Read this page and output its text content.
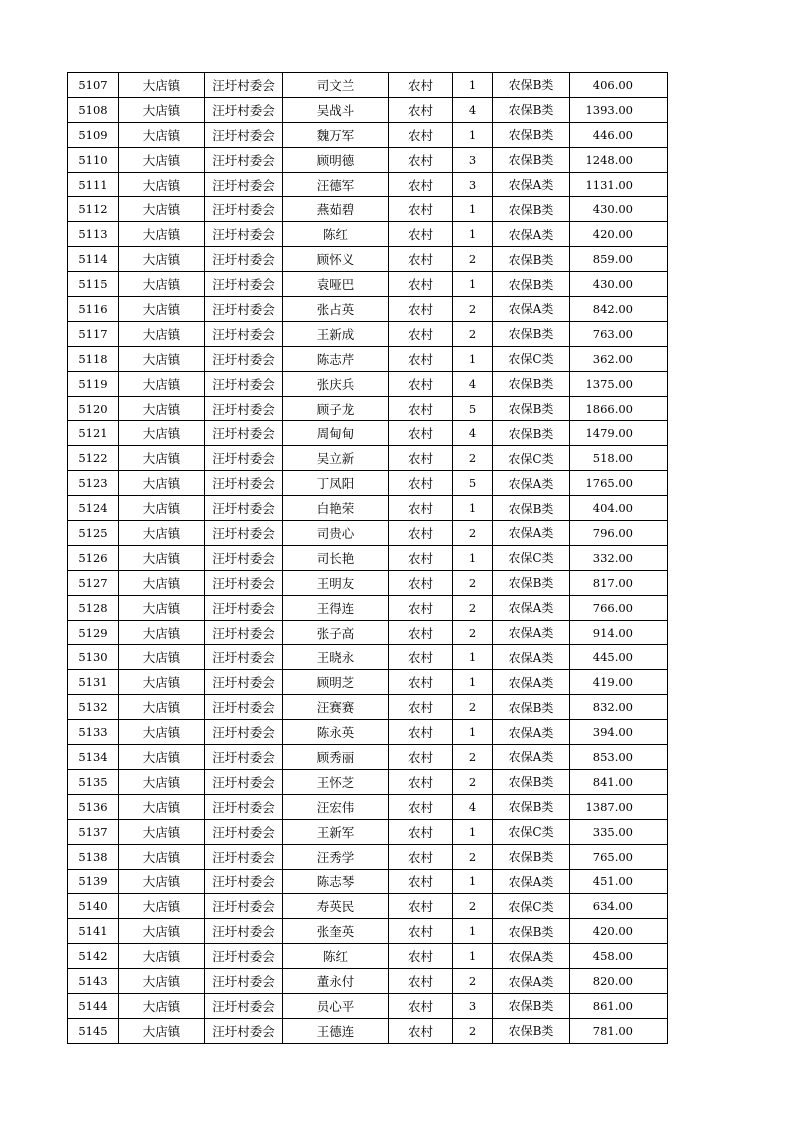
5107	大店镇	汪圩村委会	司文兰	农村	1	农保B类	406.00
5108	大店镇	汪圩村委会	吴战斗	农村	4	农保B类	1393.00
5109	大店镇	汪圩村委会	魏万军	农村	1	农保B类	446.00
5110	大店镇	汪圩村委会	顾明德	农村	3	农保B类	1248.00
5111	大店镇	汪圩村委会	汪德军	农村	3	农保A类	1131.00
5112	大店镇	汪圩村委会	燕茹碧	农村	1	农保B类	430.00
5113	大店镇	汪圩村委会	陈红	农村	1	农保A类	420.00
5114	大店镇	汪圩村委会	顾怀义	农村	2	农保B类	859.00
5115	大店镇	汪圩村委会	袁哑巴	农村	1	农保B类	430.00
5116	大店镇	汪圩村委会	张占英	农村	2	农保A类	842.00
5117	大店镇	汪圩村委会	王新成	农村	2	农保B类	763.00
5118	大店镇	汪圩村委会	陈志芹	农村	1	农保C类	362.00
5119	大店镇	汪圩村委会	张庆兵	农村	4	农保B类	1375.00
5120	大店镇	汪圩村委会	顾子龙	农村	5	农保B类	1866.00
5121	大店镇	汪圩村委会	周甸甸	农村	4	农保B类	1479.00
5122	大店镇	汪圩村委会	吴立新	农村	2	农保C类	518.00
5123	大店镇	汪圩村委会	丁凤阳	农村	5	农保A类	1765.00
5124	大店镇	汪圩村委会	白艳荣	农村	1	农保B类	404.00
5125	大店镇	汪圩村委会	司贵心	农村	2	农保A类	796.00
5126	大店镇	汪圩村委会	司长艳	农村	1	农保C类	332.00
5127	大店镇	汪圩村委会	王明友	农村	2	农保B类	817.00
5128	大店镇	汪圩村委会	王得连	农村	2	农保A类	766.00
5129	大店镇	汪圩村委会	张子高	农村	2	农保A类	914.00
5130	大店镇	汪圩村委会	王晓永	农村	1	农保A类	445.00
5131	大店镇	汪圩村委会	顾明芝	农村	1	农保A类	419.00
5132	大店镇	汪圩村委会	汪赛赛	农村	2	农保B类	832.00
5133	大店镇	汪圩村委会	陈永英	农村	1	农保A类	394.00
5134	大店镇	汪圩村委会	顾秀丽	农村	2	农保A类	853.00
5135	大店镇	汪圩村委会	王怀芝	农村	2	农保B类	841.00
5136	大店镇	汪圩村委会	汪宏伟	农村	4	农保B类	1387.00
5137	大店镇	汪圩村委会	王新军	农村	1	农保C类	335.00
5138	大店镇	汪圩村委会	汪秀学	农村	2	农保B类	765.00
5139	大店镇	汪圩村委会	陈志琴	农村	1	农保A类	451.00
5140	大店镇	汪圩村委会	寿英民	农村	2	农保C类	634.00
5141	大店镇	汪圩村委会	张奎英	农村	1	农保B类	420.00
5142	大店镇	汪圩村委会	陈红	农村	1	农保A类	458.00
5143	大店镇	汪圩村委会	董永付	农村	2	农保A类	820.00
5144	大店镇	汪圩村委会	员心平	农村	3	农保B类	861.00
5145	大店镇	汪圩村委会	王德连	农村	2	农保B类	781.00
